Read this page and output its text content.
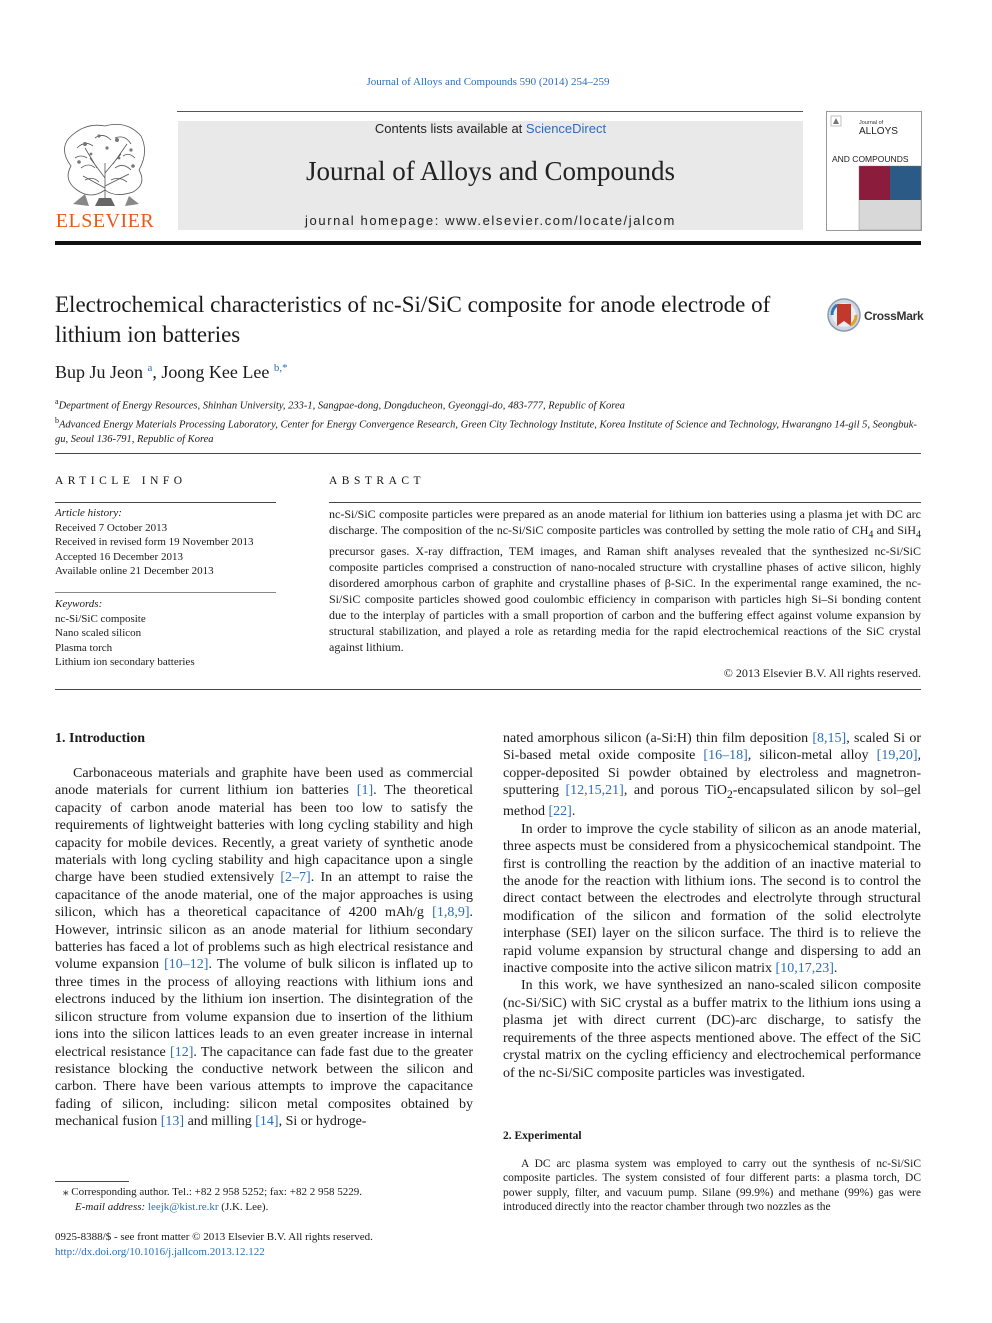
Journal of Alloys and Compounds 590 (2014) 254–259
Contents lists available at ScienceDirect
Journal of Alloys and Compounds
journal homepage: www.elsevier.com/locate/jalcom
ELSEVIER
Journal of
ALLOYS
AND COMPOUNDS
Electrochemical characteristics of nc-Si/SiC composite for anode electrode of lithium ion batteries
CrossMark
Bup Ju Jeon $^a$, Joong Kee Lee $^{b,*}$
$^a$Department of Energy Resources, Shinhan University, 233-1, Sangpae-dong, Dongducheon, Gyeonggi-do, 483-777, Republic of Korea
$^b$Advanced Energy Materials Processing Laboratory, Center for Energy Convergence Research, Green City Technology Institute, Korea Institute of Science and Technology, Hwarangno 14-gil 5, Seongbuk-gu, Seoul 136-791, Republic of Korea
ARTICLE INFO
Article history:
Received 7 October 2013
Received in revised form 19 November 2013
Accepted 16 December 2013
Available online 21 December 2013
Keywords:
nc-Si/SiC composite
Nano scaled silicon
Plasma torch
Lithium ion secondary batteries
ABSTRACT
nc-Si/SiC composite particles were prepared as an anode material for lithium ion batteries using a plasma jet with DC arc discharge. The composition of the nc-Si/SiC composite particles was controlled by setting the mole ratio of $CH_4$ and SiH$_4$ precursor gases. X-ray diffraction, TEM images, and Raman shift analyses revealed that the synthesized nc-Si/SiC composite particles comprised a construction of nano-nocaled structure with crystalline phases of active silicon, highly disordered amorphous carbon of graphite and crystalline phases of β-SiC. In the experimental range examined, the nc-Si/SiC composite particles showed good coulombic efficiency in comparison with particles high Si–Si bonding content due to the interplay of particles with a small proportion of carbon and the buffering effect against volume expansion by structural stabilization, and played a role as retarding media for the rapid electrochemical reactions of the SiC crystal against lithium.
© 2013 Elsevier B.V. All rights reserved.
1. Introduction

Carbonaceous materials and graphite have been used as commercial anode materials for current lithium ion batteries [1]. The theoretical capacity of carbon anode material has been too low to satisfy the requirements of lightweight batteries with long cycling stability and high capacity for mobile devices. Recently, a great variety of synthetic anode materials with long cycling stability and high capacitance upon a single charge have been studied extensively [2–7]. In an attempt to raise the capacitance of the anode material, one of the major approaches is using silicon, which has a theoretical capacitance of 4200 mAh/g [1,8,9]. However, intrinsic silicon as an anode material for lithium secondary batteries has faced a lot of problems such as high electrical resistance and volume expansion [10–12]. The volume of bulk silicon is inflated up to three times in the process of alloying reactions with lithium ions and electrons induced by the lithium ion insertion. The disintegration of the silicon structure from volume expansion due to insertion of the lithium ions into the silicon lattices leads to an even greater increase in internal electrical resistance [12]. The capacitance can fade fast due to the greater resistance blocking the conductive network between the silicon and carbon. There have been various attempts to improve the capacitance fading of silicon, including: silicon metal composites obtained by mechanical fusion [13] and milling [14], Si or hydroge-

nated amorphous silicon (a-Si:H) thin film deposition [8,15], scaled Si or Si-based metal oxide composite [16–18], silicon-metal alloy [19,20], copper-deposited Si powder obtained by electroless and magnetron-sputtering [12,15,21], and porous TiO$_2$-encapsulated silicon by sol–gel method [22].

In order to improve the cycle stability of silicon as an anode material, three aspects must be considered from a physicochemical standpoint. The first is controlling the reaction by the addition of an inactive material to the anode for the reaction with lithium ions. The second is to control the direct contact between the electrodes and electrolyte through structural modification of the silicon and formation of the solid electrolyte interphase (SEI) layer on the silicon surface. The third is to relieve the rapid volume expansion by structural change and dispersing to add an inactive composite into the active silicon matrix [10,17,23].

In this work, we have synthesized an nano-scaled silicon composite (nc-Si/SiC) with SiC crystal as a buffer matrix to the lithium ions using a plasma jet with direct current (DC)-arc discharge, to satisfy the requirements of the three aspects mentioned above. The effect of the SiC crystal matrix on the cycling efficiency and electrochemical performance of the nc-Si/SiC composite particles was investigated.

2. Experimental

A DC arc plasma system was employed to carry out the synthesis of nc-Si/SiC composite particles. The system consisted of four different parts: a plasma torch, DC power supply, filter, and vacuum pump. Silane (99.9%) and methane (99%) gas were introduced directly into the reactor chamber through two nozzles as the

⁎ Corresponding author. Tel.: +82 2 958 5252; fax: +82 2 958 5229.
E-mail address: leejk@kist.re.kr (J.K. Lee).
0925-8388/$ - see front matter © 2013 Elsevier B.V. All rights reserved.
http://dx.doi.org/10.1016/j.jallcom.2013.12.122
